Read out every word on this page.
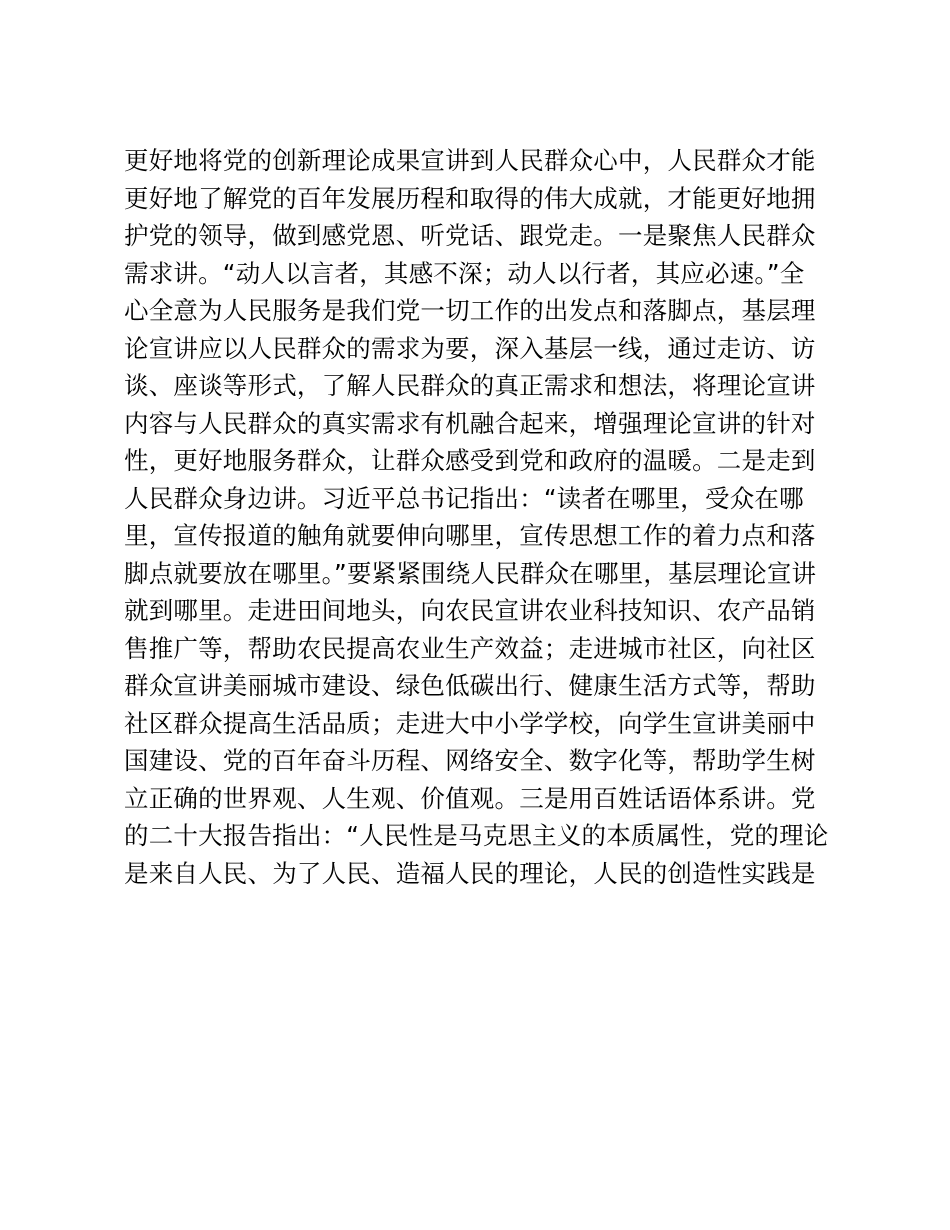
更好地将党的创新理论成果宣讲到人民群众心中，人民群众才能
更好地了解党的百年发展历程和取得的伟大成就，才能更好地拥
护党的领导，做到感党恩、听党话、跟党走。一是聚焦人民群众
需求讲。“动人以言者，其感不深；动人以行者，其应必速。”全
心全意为人民服务是我们党一切工作的出发点和落脚点，基层理
论宣讲应以人民群众的需求为要，深入基层一线，通过走访、访
谈、座谈等形式，了解人民群众的真正需求和想法，将理论宣讲
内容与人民群众的真实需求有机融合起来，增强理论宣讲的针对
性，更好地服务群众，让群众感受到党和政府的温暖。二是走到
人民群众身边讲。习近平总书记指出：“读者在哪里，受众在哪
里，宣传报道的触角就要伸向哪里，宣传思想工作的着力点和落
脚点就要放在哪里。”要紧紧围绕人民群众在哪里，基层理论宣讲
就到哪里。走进田间地头，向农民宣讲农业科技知识、农产品销
售推广等，帮助农民提高农业生产效益；走进城市社区，向社区
群众宣讲美丽城市建设、绿色低碳出行、健康生活方式等，帮助
社区群众提高生活品质；走进大中小学学校，向学生宣讲美丽中
国建设、党的百年奋斗历程、网络安全、数字化等，帮助学生树
立正确的世界观、人生观、价值观。三是用百姓话语体系讲。党
的二十大报告指出：“人民性是马克思主义的本质属性，党的理论
是来自人民、为了人民、造福人民的理论，人民的创造性实践是
